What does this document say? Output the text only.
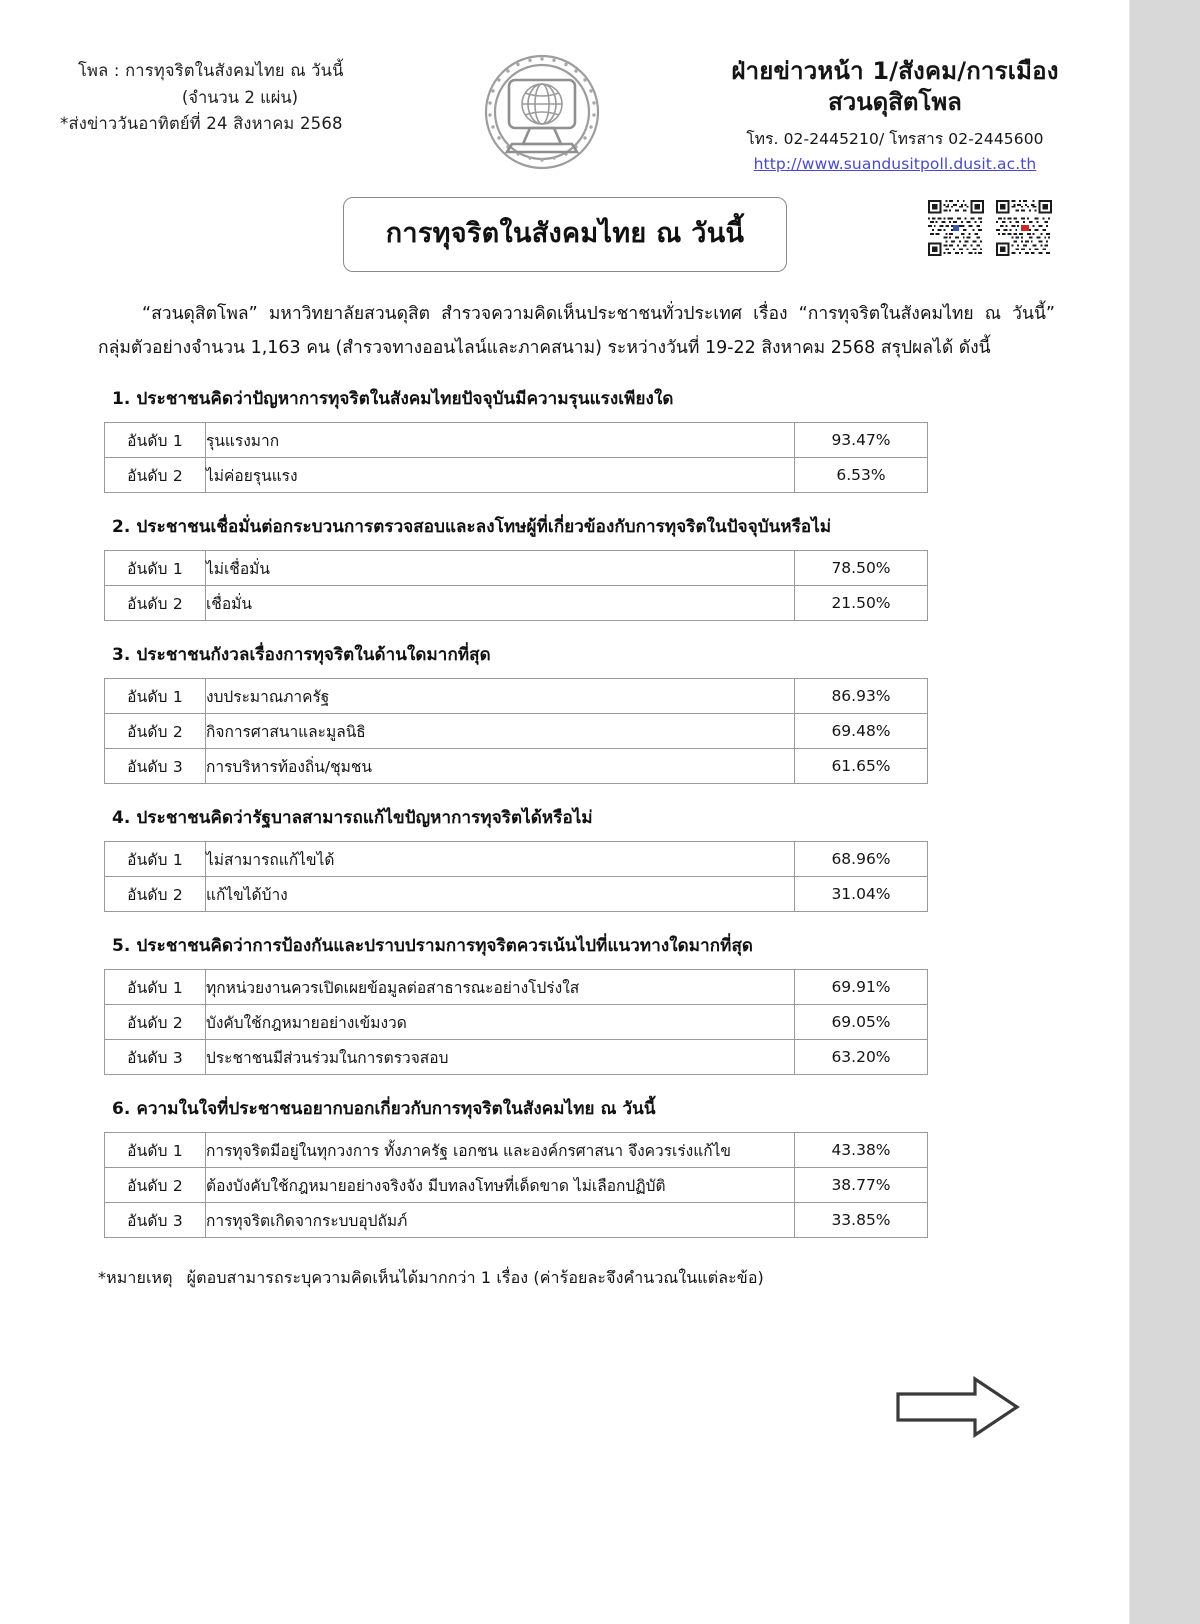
โพล : การทุจริตในสังคมไทย ณ วันนี้
(จำนวน 2 แผ่น)
*ส่งข่าววันอาทิตย์ที่ 24 สิงหาคม 2568
ฝ่ายข่าวหน้า 1/สังคม/การเมือง
สวนดุสิตโพล
โทร. 02-2445210/ โทรสาร 02-2445600
http://www.suandusitpoll.dusit.ac.th
การทุจริตในสังคมไทย ณ วันนี้
“สวนดุสิตโพล” มหาวิทยาลัยสวนดุสิต สำรวจความคิดเห็นประชาชนทั่วประเทศ เรื่อง “การทุจริตในสังคมไทย ณ วันนี้” กลุ่มตัวอย่างจำนวน 1,163 คน (สำรวจทางออนไลน์และภาคสนาม) ระหว่างวันที่ 19-22 สิงหาคม 2568 สรุปผลได้ ดังนี้
1. ประชาชนคิดว่าปัญหาการทุจริตในสังคมไทยปัจจุบันมีความรุนแรงเพียงใด
อันดับ 1	รุนแรงมาก	93.47%
อันดับ 2	ไม่ค่อยรุนแรง	6.53%
2. ประชาชนเชื่อมั่นต่อกระบวนการตรวจสอบและลงโทษผู้ที่เกี่ยวข้องกับการทุจริตในปัจจุบันหรือไม่
อันดับ 1	ไม่เชื่อมั่น	78.50%
อันดับ 2	เชื่อมั่น	21.50%
3. ประชาชนกังวลเรื่องการทุจริตในด้านใดมากที่สุด
อันดับ 1	งบประมาณภาครัฐ	86.93%
อันดับ 2	กิจการศาสนาและมูลนิธิ	69.48%
อันดับ 3	การบริหารท้องถิ่น/ชุมชน	61.65%
4. ประชาชนคิดว่ารัฐบาลสามารถแก้ไขปัญหาการทุจริตได้หรือไม่
อันดับ 1	ไม่สามารถแก้ไขได้	68.96%
อันดับ 2	แก้ไขได้บ้าง	31.04%
5. ประชาชนคิดว่าการป้องกันและปราบปรามการทุจริตควรเน้นไปที่แนวทางใดมากที่สุด
อันดับ 1	ทุกหน่วยงานควรเปิดเผยข้อมูลต่อสาธารณะอย่างโปร่งใส	69.91%
อันดับ 2	บังคับใช้กฎหมายอย่างเข้มงวด	69.05%
อันดับ 3	ประชาชนมีส่วนร่วมในการตรวจสอบ	63.20%
6. ความในใจที่ประชาชนอยากบอกเกี่ยวกับการทุจริตในสังคมไทย ณ วันนี้
อันดับ 1	การทุจริตมีอยู่ในทุกวงการ ทั้งภาครัฐ เอกชน และองค์กรศาสนา จึงควรเร่งแก้ไข	43.38%
อันดับ 2	ต้องบังคับใช้กฎหมายอย่างจริงจัง มีบทลงโทษที่เด็ดขาด ไม่เลือกปฏิบัติ	38.77%
อันดับ 3	การทุจริตเกิดจากระบบอุปถัมภ์	33.85%
*หมายเหตุ ผู้ตอบสามารถระบุความคิดเห็นได้มากกว่า 1 เรื่อง (ค่าร้อยละจึงคำนวณในแต่ละข้อ)
